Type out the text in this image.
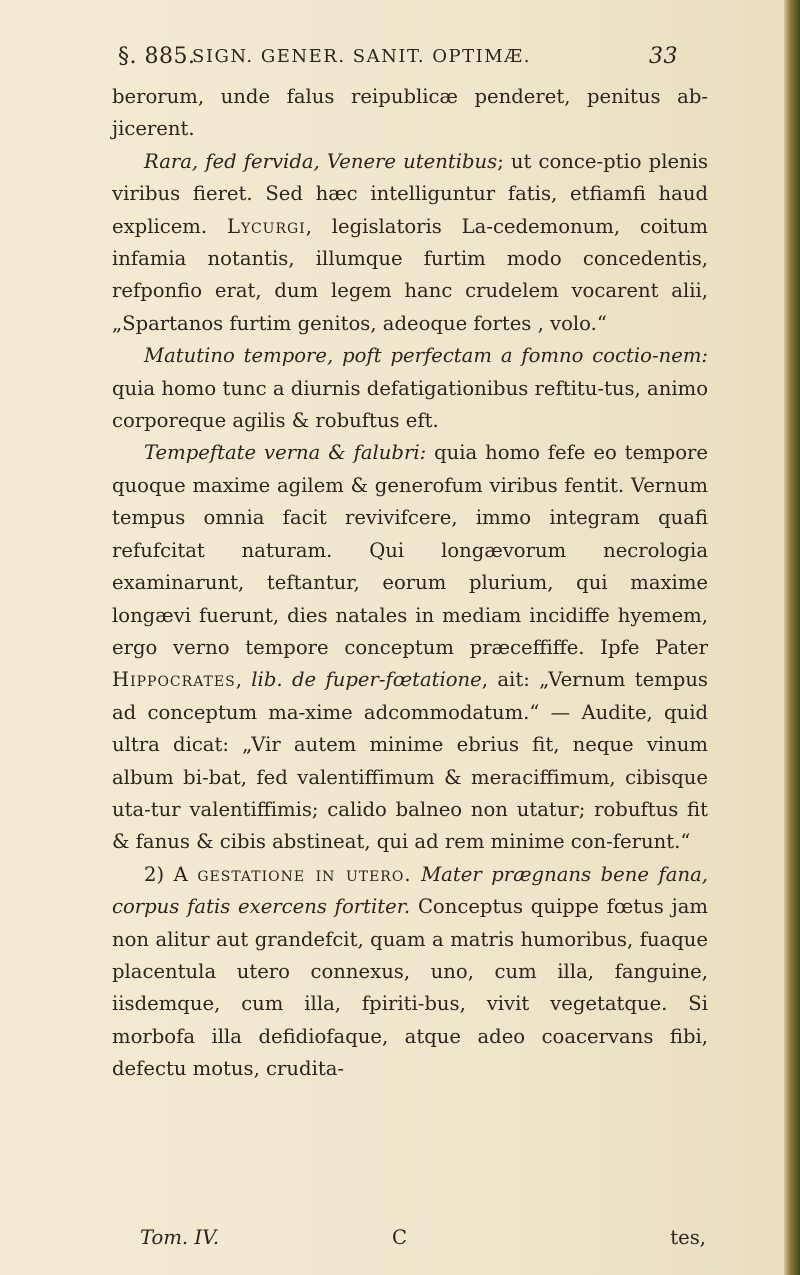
§. 885.
SIGN. GENER. SANIT. OPTIMÆ.	33

berorum, unde falus reipublicæ penderet, penitus ab-jicerent.

Rara, fed fervida, Venere utentibus; ut conce-ptio plenis viribus fieret. Sed hæc intelliguntur fatis, etfiamfi haud explicem. Lycurgi, legislatoris La-cedemonum, coitum infamia notantis, illumque furtim modo concedentis, refponfio erat, dum legem hanc crudelem vocarent alii, „Spartanos furtim genitos, adeoque fortes , volo.“

Matutino tempore, poft perfectam a fomno coctio-nem: quia homo tunc a diurnis defatigationibus reftitu-tus, animo corporeque agilis & robuftus eft.

Tempeftate verna & falubri: quia homo fefe eo tempore quoque maxime agilem & generofum viribus fentit. Vernum tempus omnia facit revivifcere, immo integram quafi refufcitat naturam. Qui longævorum necrologia examinarunt, teftantur, eorum plurium, qui maxime longævi fuerunt, dies natales in mediam incidiffe hyemem, ergo verno tempore conceptum præceffiffe. Ipfe Pater Hippocrates, lib. de fuper-fœtatione, ait: „Vernum tempus ad conceptum ma-xime adcommodatum.“ — Audite, quid ultra dicat: „Vir autem minime ebrius fit, neque vinum album bi-bat, fed valentiffimum & meraciffimum, cibisque uta-tur valentiffimis; calido balneo non utatur; robuftus fit & fanus & cibis abstineat, qui ad rem minime con-ferunt.“

2) A gestatione in utero. Mater prægnans bene fana, corpus fatis exercens fortiter. Conceptus quippe fœtus jam non alitur aut grandefcit, quam a matris humoribus, fuaque placentula utero connexus, uno, cum illa, fanguine, iisdemque, cum illa, fpiriti-bus, vivit vegetatque. Si morbofa illa defidiofaque, atque adeo coacervans fibi, defectu motus, crudita-

Tom. IV.	C	tes,
